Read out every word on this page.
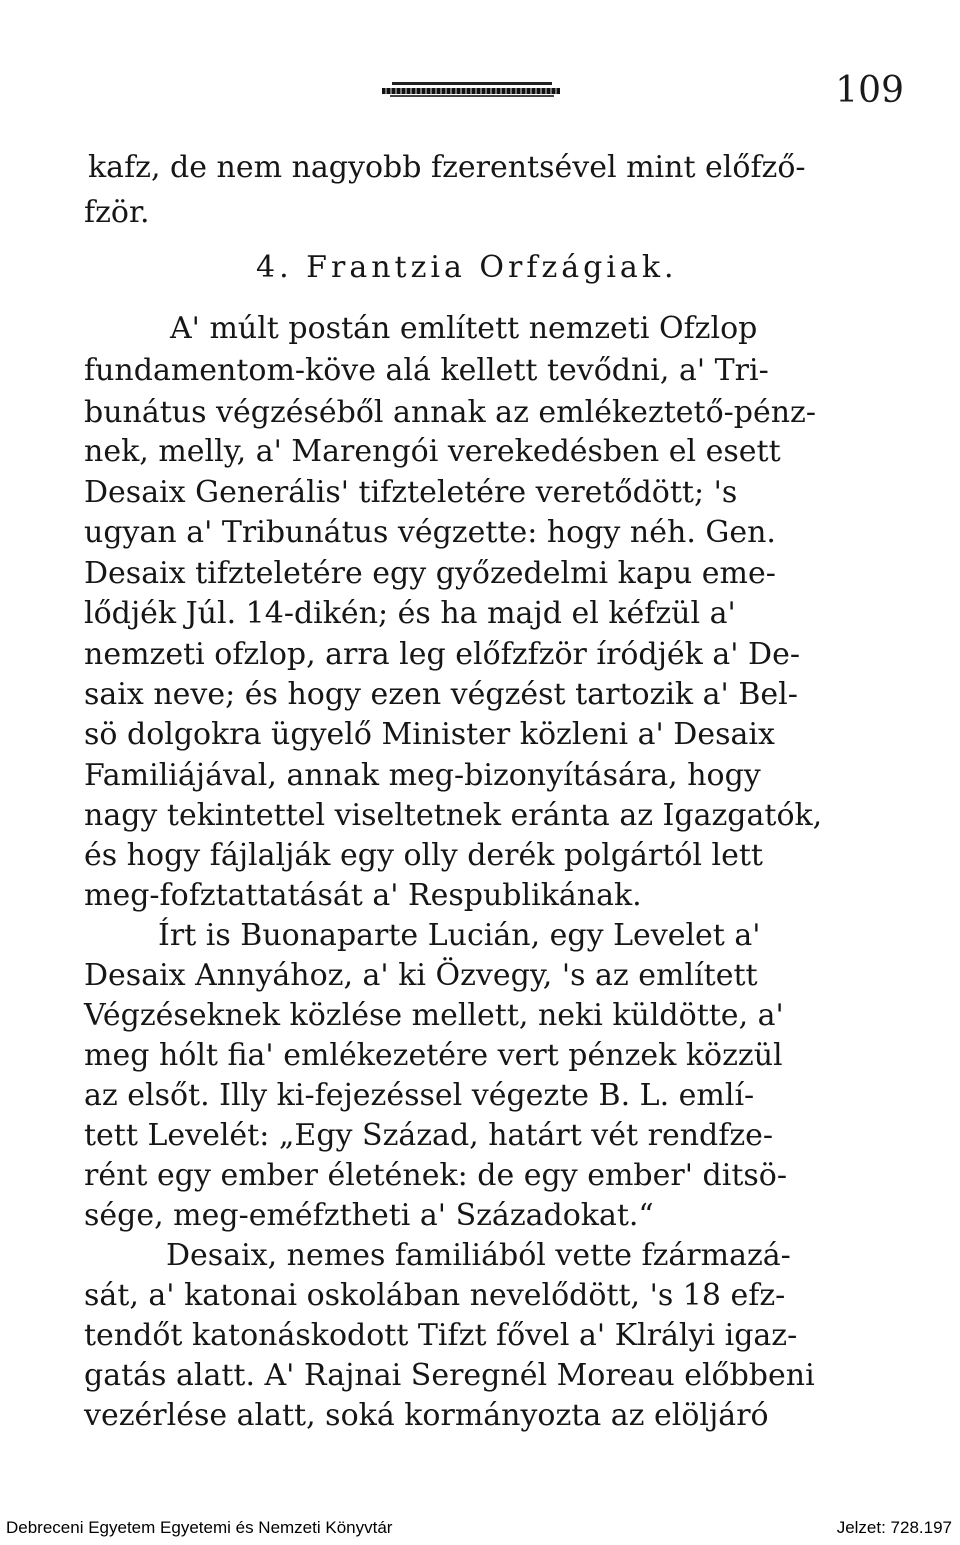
109
kafz, de nem nagyobb fzerentsével mint előfző-
fzör.
4. Frantzia Orfzágiak.
A' múlt postán említett nemzeti Ofzlop
fundamentom-köve alá kellett tevődni, a' Tri-
bunátus végzéséből annak az emlékeztető-pénz-
nek, melly, a' Marengói verekedésben el esett
Desaix Generális' tifzteletére veretődött; 's
ugyan a' Tribunátus végzette: hogy néh. Gen.
Desaix tifzteletére egy győzedelmi kapu eme-
lődjék Júl. 14-dikén; és ha majd el kéfzül a'
nemzeti ofzlop, arra leg előfzfzör íródjék a' De-
saix neve; és hogy ezen végzést tartozik a' Bel-
sö dolgokra ügyelő Minister közleni a' Desaix
Familiájával, annak meg-bizonyítására, hogy
nagy tekintettel viseltetnek eránta az Igazgatók,
és hogy fájlalják egy olly derék polgártól lett
meg-fofztattatását a' Respublikának.
Írt is Buonaparte Lucián, egy Levelet a'
Desaix Annyához, a' ki Özvegy, 's az említett
Végzéseknek közlése mellett, neki küldötte, a'
meg hólt fia' emlékezetére vert pénzek közzül
az elsőt. Illy ki-fejezéssel végezte B. L. emlí-
tett Levelét: „Egy Század, határt vét rendfze-
rént egy ember életének: de egy ember' ditsö-
sége, meg-eméfztheti a' Századokat.“
Desaix, nemes familiából vette fzármazá-
sát, a' katonai oskolában nevelődött, 's 18 efz-
tendőt katonáskodott Tifzt fővel a' Klrályi igaz-
gatás alatt. A' Rajnai Seregnél Moreau előbbeni
vezérlése alatt, soká kormányozta az elöljáró
Debreceni Egyetem Egyetemi és Nemzeti Könyvtár	Jelzet: 728.197
